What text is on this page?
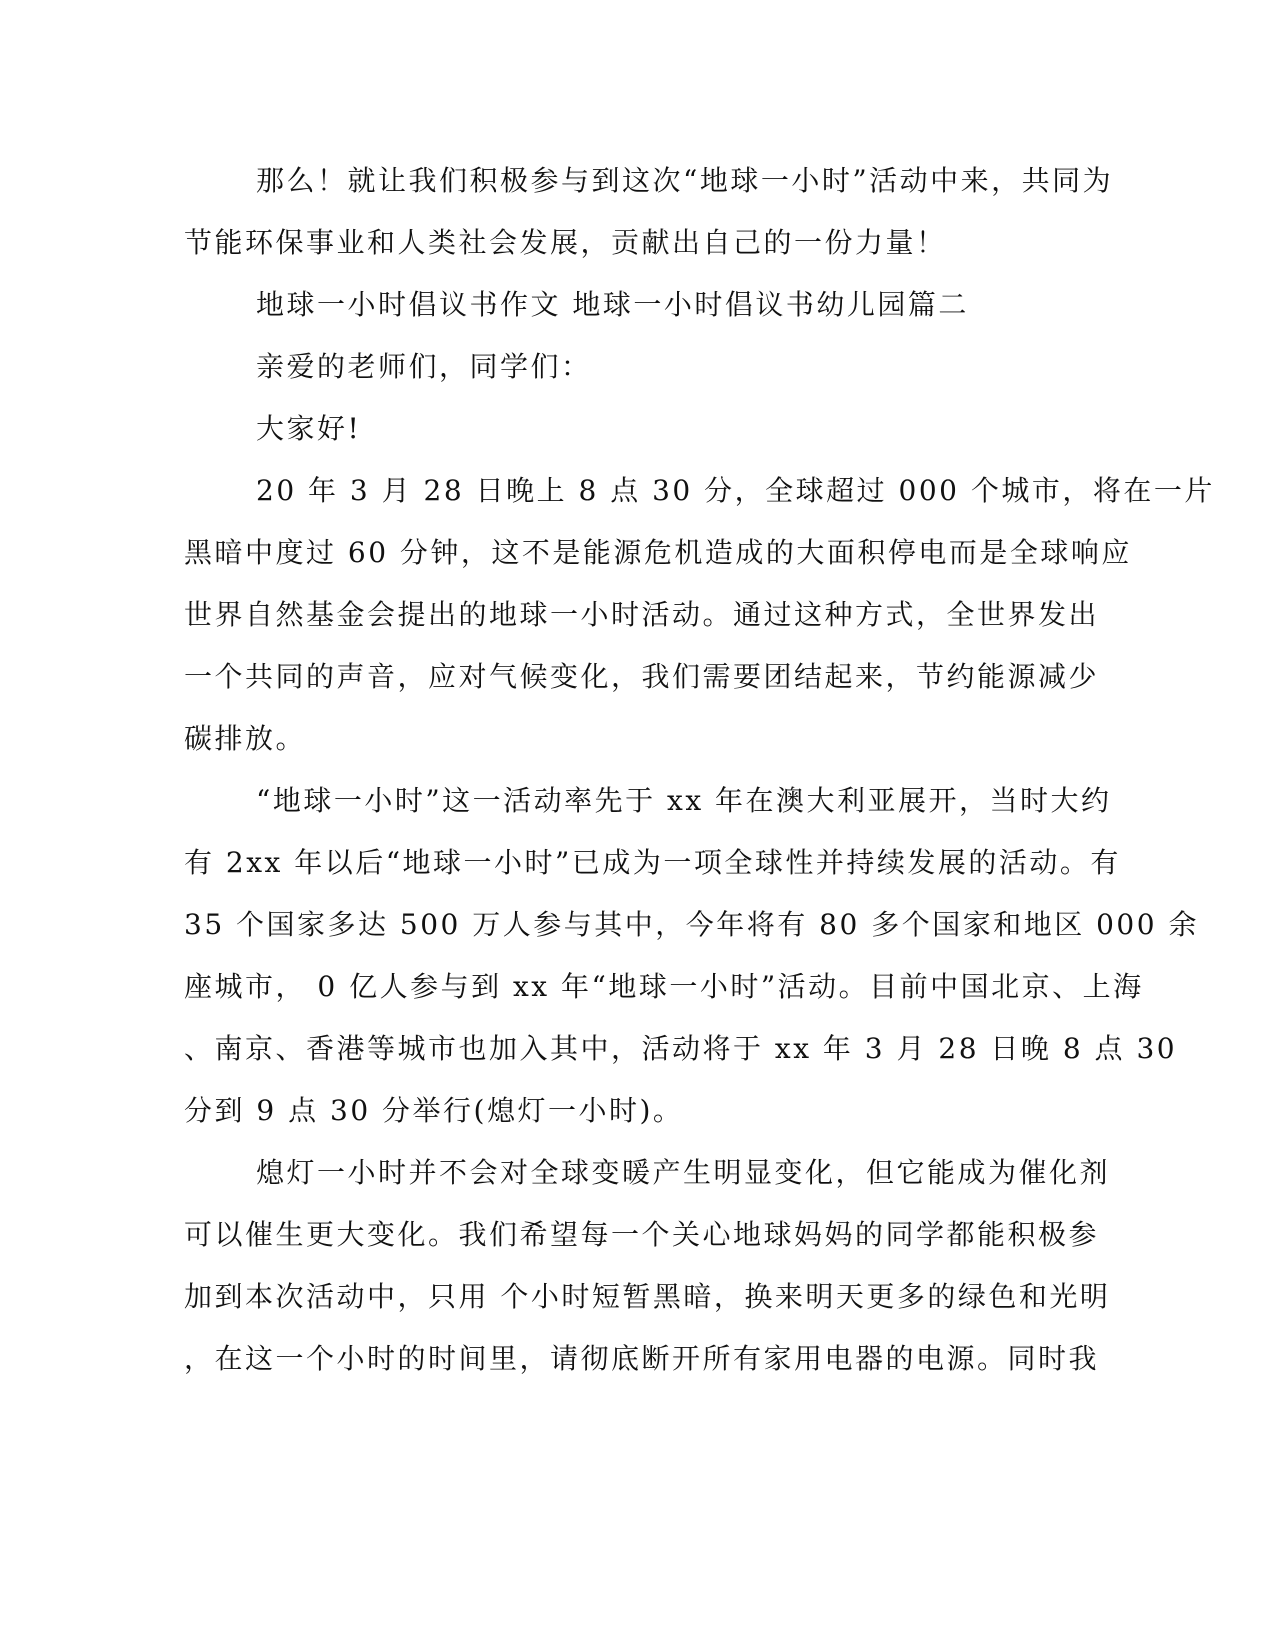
那么！就让我们积极参与到这次“地球一小时”活动中来，共同为
节能环保事业和人类社会发展，贡献出自己的一份力量！
地球一小时倡议书作文 地球一小时倡议书幼儿园篇二
亲爱的老师们，同学们：
大家好!
20 年 3 月 28 日晚上 8 点 30 分，全球超过 000 个城市，将在一片
黑暗中度过 60 分钟，这不是能源危机造成的大面积停电而是全球响应
世界自然基金会提出的地球一小时活动。通过这种方式，全世界发出
一个共同的声音，应对气候变化，我们需要团结起来，节约能源减少
碳排放。
“地球一小时”这一活动率先于 xx 年在澳大利亚展开，当时大约
有 2xx 年以后“地球一小时”已成为一项全球性并持续发展的活动。有
35 个国家多达 500 万人参与其中，今年将有 80 多个国家和地区 000 余
座城市， 0 亿人参与到 xx 年“地球一小时”活动。目前中国北京、上海
、南京、香港等城市也加入其中，活动将于 xx 年 3 月 28 日晚 8 点 30
分到 9 点 30 分举行(熄灯一小时)。
熄灯一小时并不会对全球变暖产生明显变化，但它能成为催化剂
可以催生更大变化。我们希望每一个关心地球妈妈的同学都能积极参
加到本次活动中，只用 个小时短暂黑暗，换来明天更多的绿色和光明
，在这一个小时的时间里，请彻底断开所有家用电器的电源。同时我
